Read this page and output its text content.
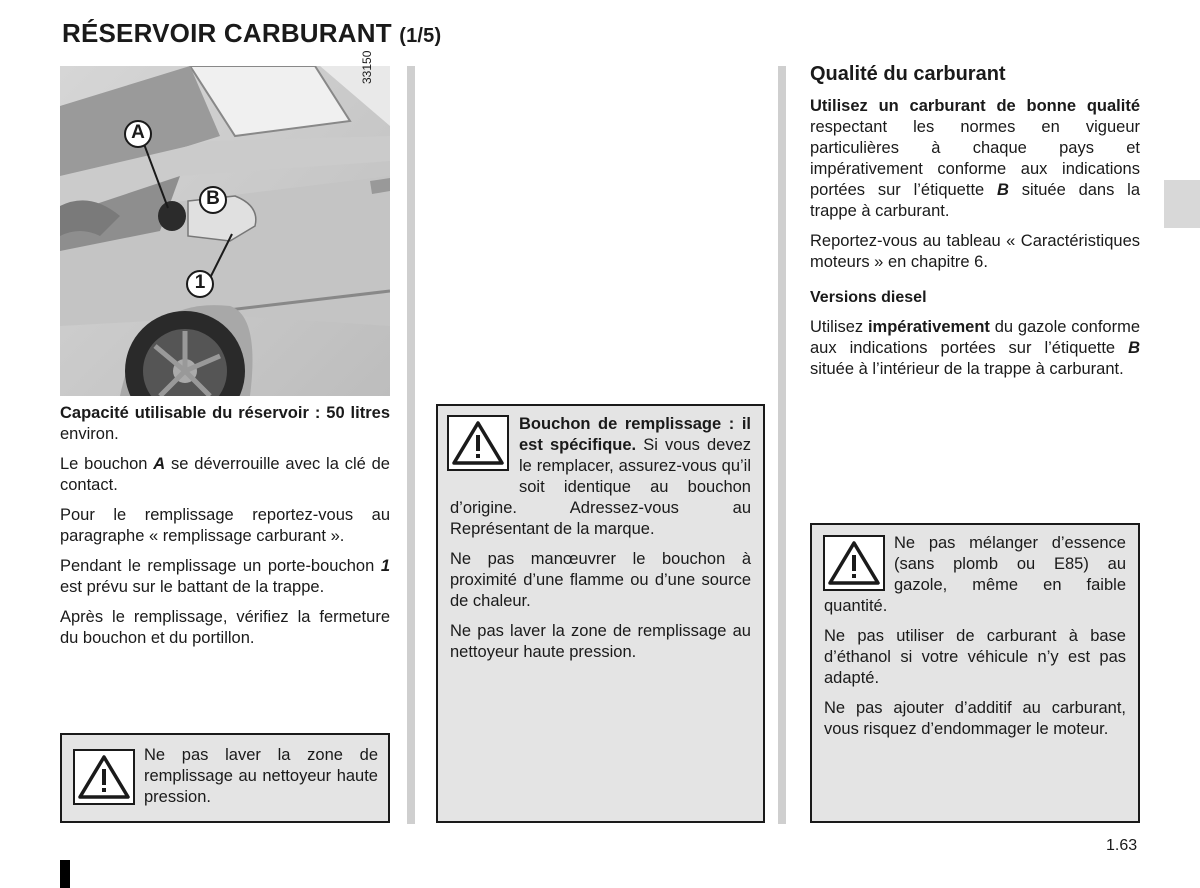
RÉSERVOIR CARBURANT (1/5)
A
B
1
33150

Capacité utilisable du réservoir : 50 litres environ.

Le bouchon A se déverrouille avec la clé de contact.

Pour le remplissage reportez-vous au paragraphe « remplissage carburant ».

Pendant le remplissage un porte-bouchon 1 est prévu sur le battant de la trappe.

Après le remplissage, vérifiez la fermeture du bouchon et du portillon.

Ne pas laver la zone de remplissage au nettoyeur haute pression.

Bouchon de remplissage : il est spécifique. Si vous devez le remplacer, assurez-vous qu’il soit identique au bouchon d’origine. Adressez-vous au Représentant de la marque.

Ne pas manœuvrer le bouchon à proximité d’une flamme ou d’une source de chaleur.

Ne pas laver la zone de remplissage au nettoyeur haute pression.

Qualité du carburant

Utilisez un carburant de bonne qualité respectant les normes en vigueur particulières à chaque pays et impérativement conforme aux indications portées sur l’étiquette B située dans la trappe à carburant.

Reportez-vous au tableau « Caractéristiques moteurs » en chapitre 6.

Versions diesel

Utilisez impérativement du gazole conforme aux indications portées sur l’étiquette B située à l’intérieur de la trappe à carburant.

Ne pas mélanger d’essence (sans plomb ou E85) au gazole, même en faible quantité.

Ne pas utiliser de carburant à base d’éthanol si votre véhicule n’y est pas adapté.

Ne pas ajouter d’additif au carburant, vous risquez d’endommager le moteur.

1.63
